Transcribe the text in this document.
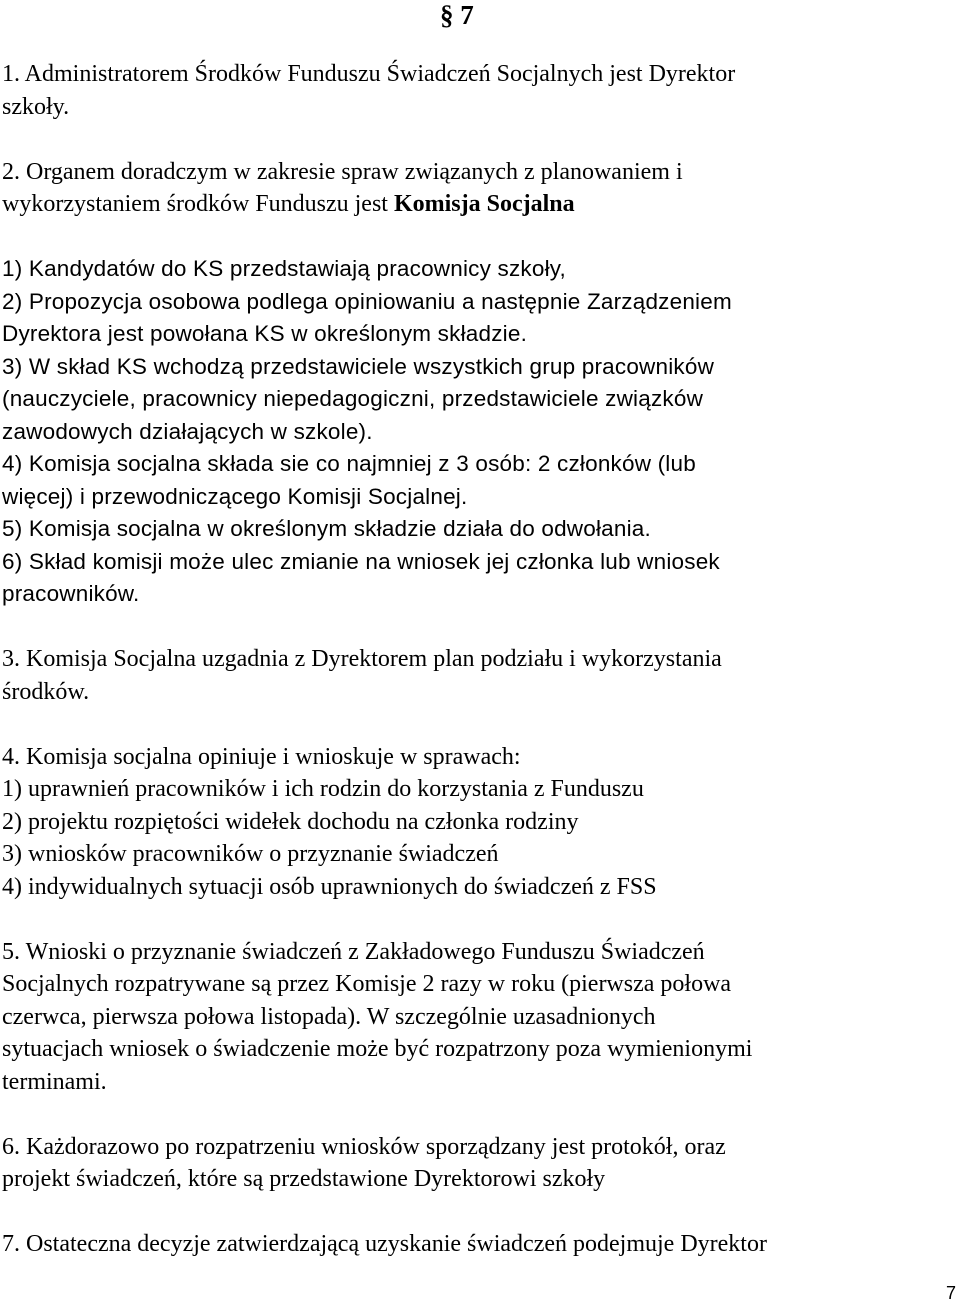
§ 7
1. Administratorem Środków Funduszu Świadczeń Socjalnych jest Dyrektor
szkoły.
2. Organem doradczym w zakresie spraw związanych z planowaniem i
wykorzystaniem środków Funduszu jest Komisja Socjalna
1) Kandydatów do KS przedstawiają pracownicy szkoły,
2) Propozycja osobowa podlega opiniowaniu a następnie Zarządzeniem
Dyrektora jest powołana KS w określonym składzie.
3) W skład KS wchodzą przedstawiciele wszystkich grup pracowników
(nauczyciele, pracownicy niepedagogiczni, przedstawiciele związków
zawodowych działających w szkole).
4) Komisja socjalna składa sie co najmniej z 3 osób: 2 członków (lub
więcej) i przewodniczącego Komisji Socjalnej.
5) Komisja socjalna w określonym składzie działa do odwołania.
6) Skład komisji może ulec zmianie na wniosek jej członka lub wniosek
pracowników.
3. Komisja Socjalna uzgadnia z Dyrektorem plan podziału i wykorzystania
środków.
4. Komisja socjalna opiniuje i wnioskuje w sprawach:
1) uprawnień pracowników i ich rodzin do korzystania z Funduszu
2) projektu rozpiętości widełek dochodu na członka rodziny
3) wniosków pracowników o przyznanie świadczeń
4) indywidualnych sytuacji osób uprawnionych do świadczeń z FSS
5. Wnioski o przyznanie świadczeń z Zakładowego Funduszu Świadczeń
Socjalnych rozpatrywane są przez Komisje 2 razy w roku (pierwsza połowa
czerwca, pierwsza połowa listopada). W szczególnie uzasadnionych
sytuacjach wniosek o świadczenie może być rozpatrzony poza wymienionymi
terminami.
6. Każdorazowo po rozpatrzeniu wniosków sporządzany jest protokół, oraz
projekt świadczeń, które są przedstawione Dyrektorowi szkoły
7. Ostateczna decyzje zatwierdzającą uzyskanie świadczeń podejmuje Dyrektor
7
